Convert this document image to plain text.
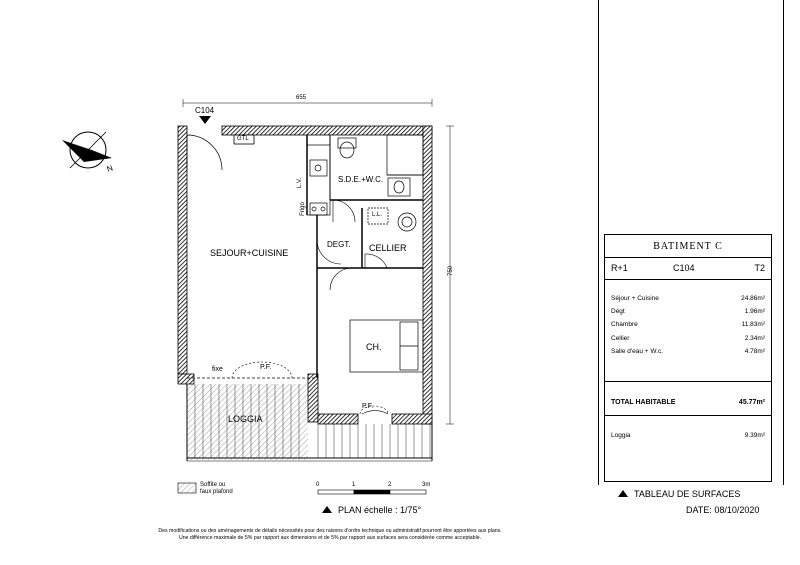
N
C104
655
750
SEJOUR+CUISINE
S.D.E.+W.C.
DEGT. CELLIER
CH.
LOGGIA
GTL
L.V.
Frigo	L.L.
fixe	P.F.
P.F.
Soffite ou
faux plafond
0	1	2	3m
PLAN échelle : 1/75°
BATIMENT C
R+1	C104	T2
Séjour + Cuisine	24.86m²
Dégt	1.96m²
Chambre	11.83m²
Cellier	2.34m²
Salle d'eau + W.c.	4.78m²
TOTAL HABITABLE	45.77m²
Loggia	9.39m²
TABLEAU DE SURFACES
DATE: 08/10/2020
Des modifications ou des aménagements de détails nécessités pour des raisons d'ordre technique ou administratif pourront être apportées aux plans.
Une différence maximale de 5% par rapport aux dimensions et de 5% par rapport aux surfaces sera considérée comme acceptable.
